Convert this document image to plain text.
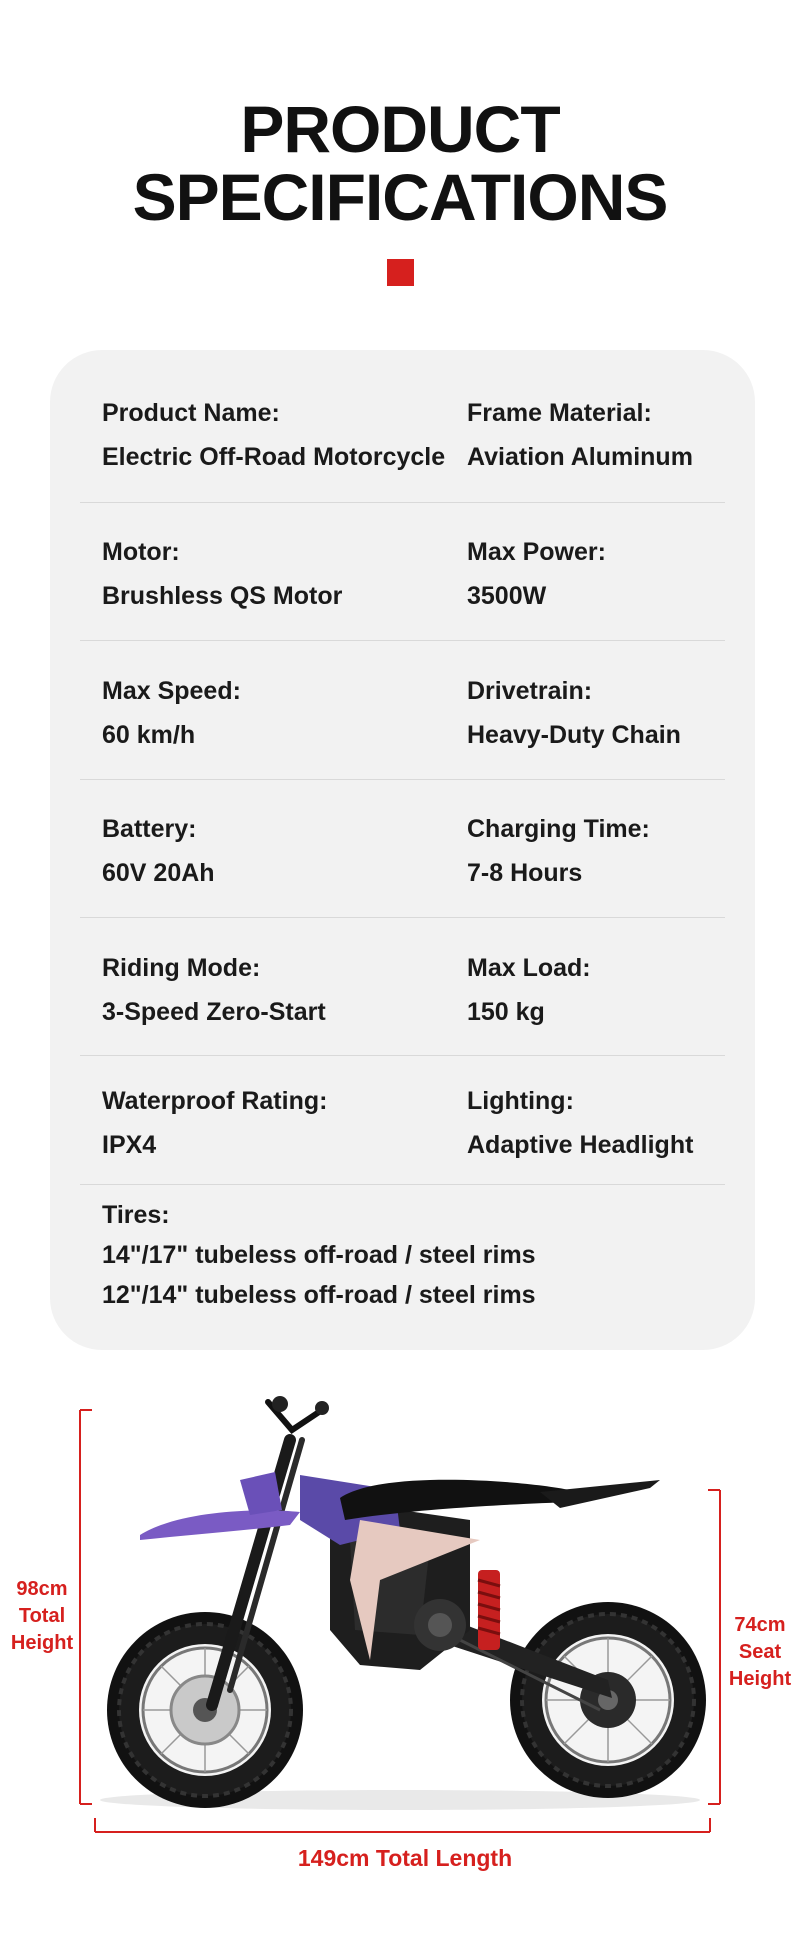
PRODUCT
SPECIFICATIONS
Product Name:
Electric Off-Road Motorcycle
Frame Material:
Aviation Aluminum
Motor:
Brushless QS Motor
Max Power:
3500W
Max Speed:
60 km/h
Drivetrain:
Heavy-Duty Chain
Battery:
60V 20Ah
Charging Time:
7-8 Hours
Riding Mode:
3-Speed Zero-Start
Max Load:
150 kg
Waterproof Rating:
IPX4
Lighting:
Adaptive Headlight
Tires:
14"/17" tubeless off-road / steel rims
12"/14" tubeless off-road / steel rims
98cm
Total
Height
74cm
Seat
Height
149cm Total Length
